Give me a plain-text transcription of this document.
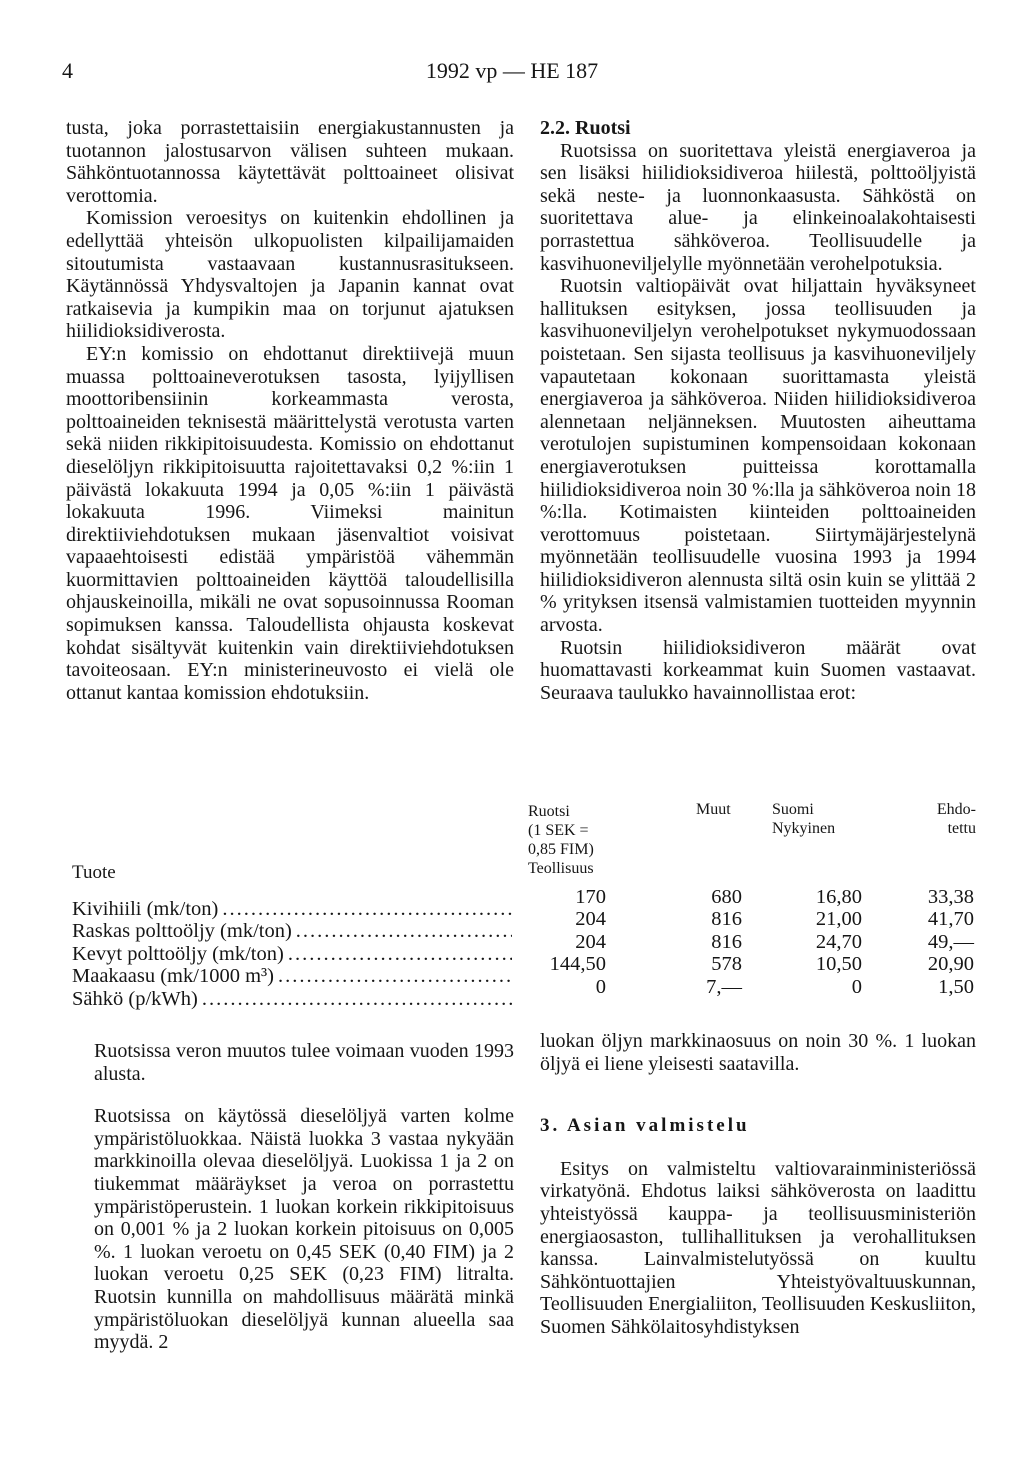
4	1992 vp — HE 187

tusta, joka porrastettaisiin energiakustannusten ja tuotannon jalostusarvon välisen suhteen mukaan. Sähköntuotannossa käytettävät polttoaineet olisivat verottomia.

Komission veroesitys on kuitenkin ehdollinen ja edellyttää yhteisön ulkopuolisten kilpailijamaiden sitoutumista vastaavaan kustannusrasitukseen. Käytännössä Yhdysvaltojen ja Japanin kannat ovat ratkaisevia ja kumpikin maa on torjunut ajatuksen hiilidioksidiverosta.

EY:n komissio on ehdottanut direktiivejä muun muassa polttoaineverotuksen tasosta, lyijyllisen moottoribensiinin korkeammasta verosta, polttoaineiden teknisestä määrittelystä verotusta varten sekä niiden rikkipitoisuudesta. Komissio on ehdottanut dieselöljyn rikkipitoisuutta rajoitettavaksi 0,2 %:iin 1 päivästä lokakuuta 1994 ja 0,05 %:iin 1 päivästä lokakuuta 1996. Viimeksi mainitun direktiiviehdotuksen mukaan jäsenvaltiot voisivat vapaaehtoisesti edistää ympäristöä vähemmän kuormittavien polttoaineiden käyttöä taloudellisilla ohjauskeinoilla, mikäli ne ovat sopusoinnussa Rooman sopimuksen kanssa. Taloudellista ohjausta koskevat kohdat sisältyvät kuitenkin vain direktiiviehdotuksen tavoiteosaan. EY:n ministerineuvosto ei vielä ole ottanut kantaa komission ehdotuksiin.

2.2. Ruotsi

Ruotsissa on suoritettava yleistä energiaveroa ja sen lisäksi hiilidioksidiveroa hiilestä, polttoöljyistä sekä neste- ja luonnonkaasusta. Sähköstä on suoritettava alue- ja elinkeinoalakohtaisesti porrastettua sähköveroa. Teollisuudelle ja kasvihuoneviljelylle myönnetään verohelpotuksia.

Ruotsin valtiopäivät ovat hiljattain hyväksyneet hallituksen esityksen, jossa teollisuuden ja kasvihuoneviljelyn verohelpotukset nykymuodossaan poistetaan. Sen sijasta teollisuus ja kasvihuoneviljely vapautetaan kokonaan suorittamasta yleistä energiaveroa ja sähköveroa. Niiden hiilidioksidiveroa alennetaan neljänneksen. Muutosten aiheuttama verotulojen supistuminen kompensoidaan kokonaan energiaverotuksen puitteissa korottamalla hiilidioksidiveroa noin 30 %:lla ja sähköveroa noin 18 %:lla. Kotimaisten kiinteiden polttoaineiden verottomuus poistetaan. Siirtymäjärjestelynä myönnetään teollisuudelle vuosina 1993 ja 1994 hiilidioksidiveron alennusta siltä osin kuin se ylittää 2 % yrityksen itsensä valmistamien tuotteiden myynnin arvosta.

Ruotsin hiilidioksidiveron määrät ovat huomattavasti korkeammat kuin Suomen vastaavat. Seuraava taulukko havainnollistaa erot:

Tuote
Ruotsi
(1 SEK =
0,85 FIM)
Teollisuus
Muut	Suomi
Nykyinen
Ehdo-
tettu
Kivihiili (mk/ton)
.....
Raskas polttoöljy (mk/ton)
.....
Kevyt polttoöljy (mk/ton)
.....
Maakaasu (mk/1000 m³)
.....
Sähkö (p/kWh)
.....
170
204
204
144,50
0
680
816
816
578
7,—
16,80
21,00
24,70
10,50
0
33,38
41,70
49,—
20,90
1,50

Ruotsissa veron muutos tulee voimaan vuoden 1993 alusta.

Ruotsissa on käytössä dieselöljyä varten kolme ympäristöluokkaa. Näistä luokka 3 vastaa nykyään markkinoilla olevaa dieselöljyä. Luokissa 1 ja 2 on tiukemmat määräykset ja veroa on porrastettu ympäristöperustein. 1 luokan korkein rikkipitoisuus on 0,001 % ja 2 luokan korkein pitoisuus on 0,005 %. 1 luokan veroetu on 0,45 SEK (0,40 FIM) ja 2 luokan veroetu 0,25 SEK (0,23 FIM) litralta. Ruotsin kunnilla on mahdollisuus määrätä minkä ympäristöluokan dieselöljyä kunnan alueella saa myydä. 2

luokan öljyn markkinaosuus on noin 30 %. 1 luokan öljyä ei liene yleisesti saatavilla.

3. Asian valmistelu

Esitys on valmisteltu valtiovarainministeriössä virkatyönä. Ehdotus laiksi sähköverosta on laadittu yhteistyössä kauppa- ja teollisuusministeriön energiaosaston, tullihallituksen ja verohallituksen kanssa. Lainvalmistelutyössä on kuultu Sähköntuottajien Yhteistyövaltuuskunnan, Teollisuuden Energialiiton, Teollisuuden Keskusliiton, Suomen Sähkölaitosyhdistyksen
